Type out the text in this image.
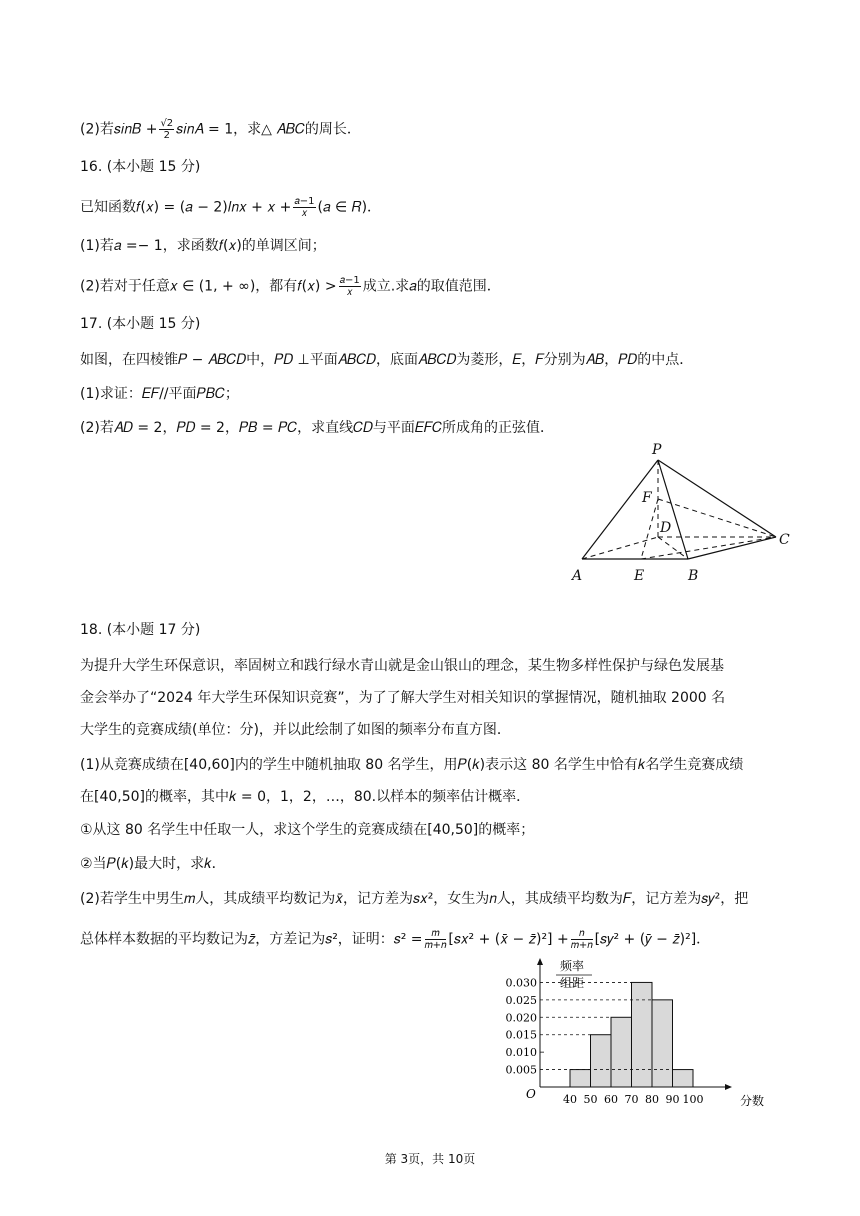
(2)若𝑠𝑖𝑛𝐵 + $\frac{√2}{2}$ 𝑠𝑖𝑛𝐴 = 1，求△ 𝐴𝐵𝐶的周长．
16. (本小题 15 分)
已知函数𝑓(𝑥) = (𝑎 − 2)𝑙𝑛𝑥 + 𝑥 + $\frac{\text{𝑎−1}}{\text{𝑥}}$ (𝑎 ∈ 𝑅)．
(1)若𝑎 =− 1，求函数𝑓(𝑥)的单调区间；
(2)若对于任意𝑥 ∈ (1, + ∞)，都有𝑓(𝑥) > $\frac{\text{𝑎−1}}{\text{𝑥}}$ 成立.求𝑎的取值范围．
17. (本小题 15 分)
如图，在四棱锥𝑃 − 𝐴𝐵𝐶𝐷中，𝑃𝐷 ⊥平面𝐴𝐵𝐶𝐷，底面𝐴𝐵𝐶𝐷为菱形，𝐸，𝐹分别为𝐴𝐵，𝑃𝐷的中点．
(1)求证：𝐸𝐹//平面𝑃𝐵𝐶；
(2)若𝐴𝐷 = 2，𝑃𝐷 = 2，𝑃𝐵 = 𝑃𝐶，求直线𝐶𝐷与平面𝐸𝐹𝐶所成角的正弦值．
P
F
D
C
A	E	B
18. (本小题 17 分)
为提升大学生环保意识，率固树立和践行绿水青山就是金山银山的理念，某生物多样性保护与绿色发展基
金会举办了“2024 年大学生环保知识竞赛”，为了了解大学生对相关知识的掌握情况，随机抽取 2000 名
大学生的竞赛成绩(单位：分)，并以此绘制了如图的频率分布直方图．
(1)从竞赛成绩在[40,60]内的学生中随机抽取 80 名学生，用𝑃(𝑘)表示这 80 名学生中恰有𝑘名学生竞赛成绩
在[40,50]的概率，其中𝑘 = 0，1，2，…，80.以样本的频率估计概率．
①从这 80 名学生中任取一人，求这个学生的竞赛成绩在[40,50]的概率；
②当𝑃(𝑘)最大时，求𝑘．
(2)若学生中男生𝑚人，其成绩平均数记为𝑥̄，记方差为𝑠𝑥²，女生为𝑛人，其成绩平均数为𝐹，记方差为𝑠𝑦²，把
总体样本数据的平均数记为𝑧̄，方差记为𝑠²，证明：𝑠² = $\frac{\text{𝑚}}{\text{𝑚+𝑛}}$ [𝑠𝑥² + (𝑥̄ − 𝑧̄)²] + $\frac{\text{𝑛}}{\text{𝑚+𝑛}}$ [𝑠𝑦² + (𝑦̄ − 𝑧̄)²]．
频率
组距
O	分数
0.030
0.025
0.020
0.015
0.010
0.005
40 50 60 70 80 90 100
第 3页，共 10页
